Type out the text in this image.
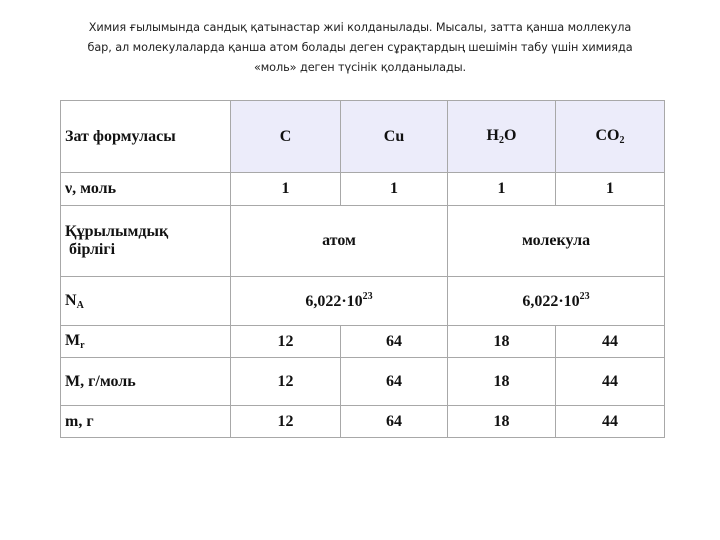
Химия ғылымында сандық қатынастар жиі колданылады. Мысалы, затта қанша моллекула
бар, ал молекулаларда қанша атом болады деген сұрақтардың шешімін табу үшін химияда
«моль» деген түсінік қолданылады.
Зат формуласы	C	Cu	$H_2O$	$CO_2$
ν, моль	1	1	1	1

Құрылымдық
бірлігі	атом		молекула	
$N_A$	$6,022\cdot 10^{23}$		$6,022\cdot 10^{23}$
$M_r$	12	64	18	44
M, г/моль	12	64	18	44
m, г	12	64	18	44
